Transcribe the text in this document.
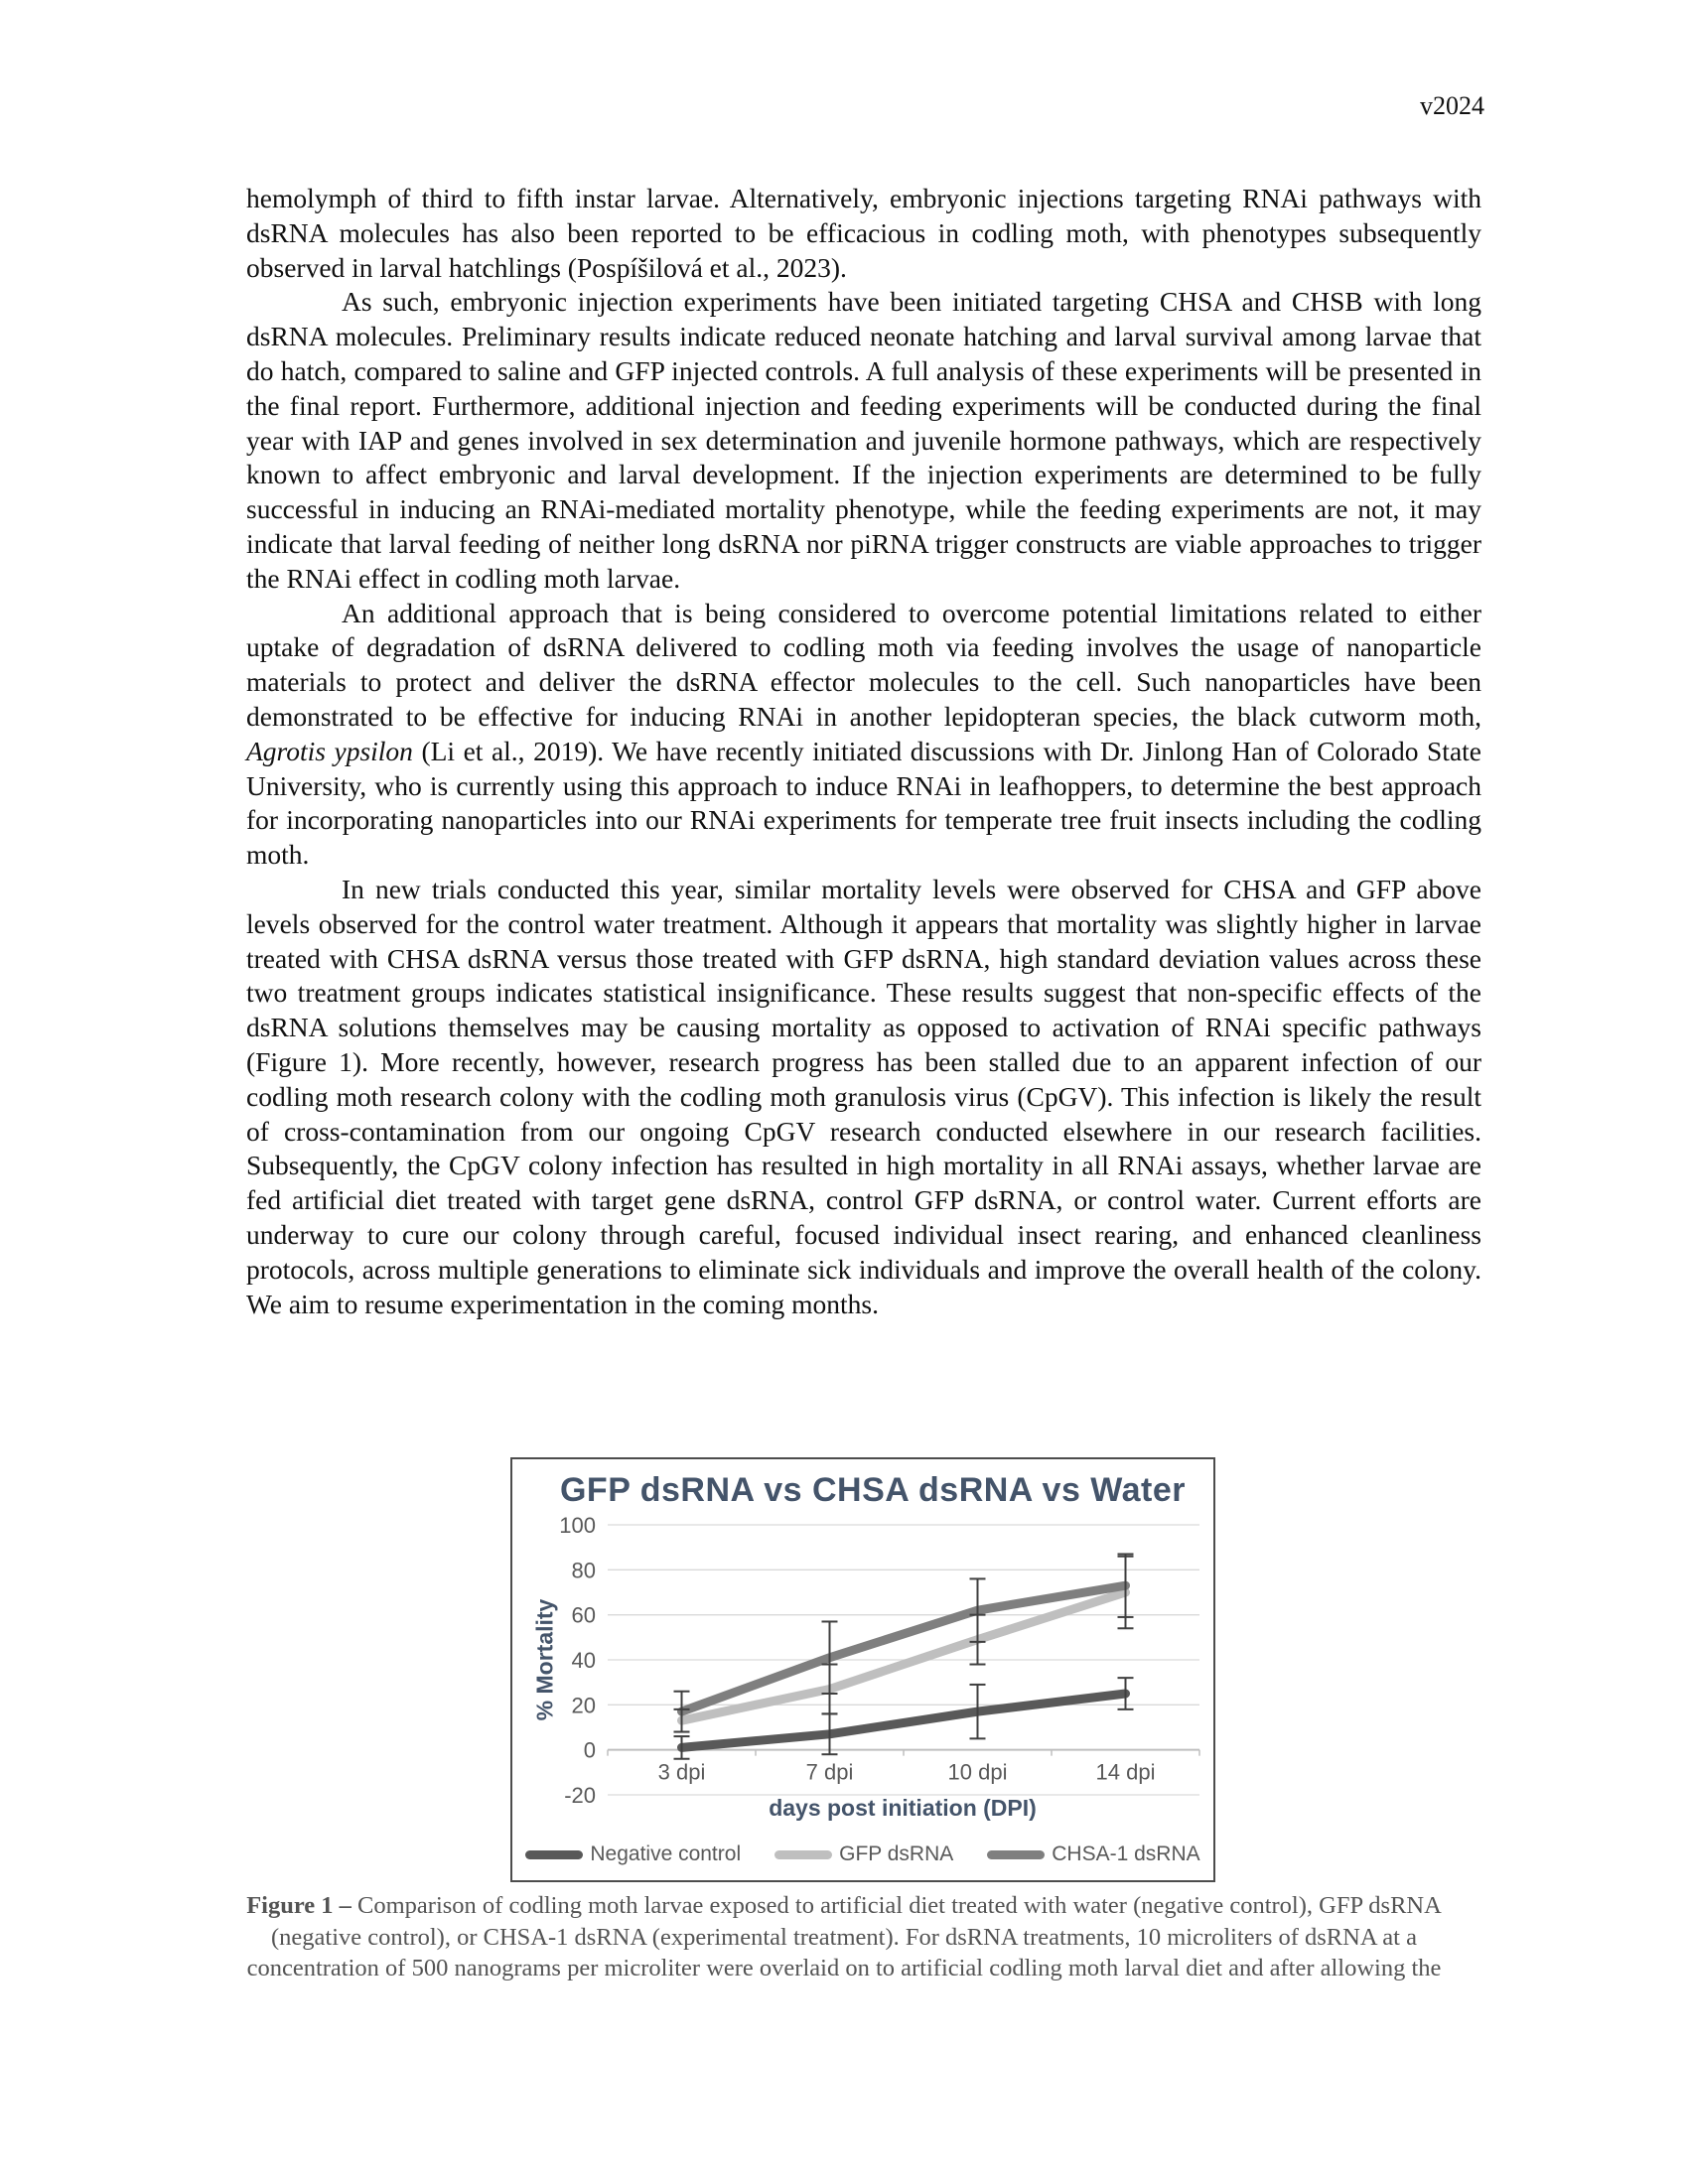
v2024

hemolymph of third to fifth instar larvae. Alternatively, embryonic injections targeting RNAi pathways with dsRNA molecules has also been reported to be efficacious in codling moth, with phenotypes subsequently observed in larval hatchlings (Pospíšilová et al., 2023).

As such, embryonic injection experiments have been initiated targeting CHSA and CHSB with long dsRNA molecules. Preliminary results indicate reduced neonate hatching and larval survival among larvae that do hatch, compared to saline and GFP injected controls. A full analysis of these experiments will be presented in the final report. Furthermore, additional injection and feeding experiments will be conducted during the final year with IAP and genes involved in sex determination and juvenile hormone pathways, which are respectively known to affect embryonic and larval development. If the injection experiments are determined to be fully successful in inducing an RNAi-mediated mortality phenotype, while the feeding experiments are not, it may indicate that larval feeding of neither long dsRNA nor piRNA trigger constructs are viable approaches to trigger the RNAi effect in codling moth larvae.

An additional approach that is being considered to overcome potential limitations related to either uptake of degradation of dsRNA delivered to codling moth via feeding involves the usage of nanoparticle materials to protect and deliver the dsRNA effector molecules to the cell. Such nanoparticles have been demonstrated to be effective for inducing RNAi in another lepidopteran species, the black cutworm moth, Agrotis ypsilon (Li et al., 2019). We have recently initiated discussions with Dr. Jinlong Han of Colorado State University, who is currently using this approach to induce RNAi in leafhoppers, to determine the best approach for incorporating nanoparticles into our RNAi experiments for temperate tree fruit insects including the codling moth.

In new trials conducted this year, similar mortality levels were observed for CHSA and GFP above levels observed for the control water treatment. Although it appears that mortality was slightly higher in larvae treated with CHSA dsRNA versus those treated with GFP dsRNA, high standard deviation values across these two treatment groups indicates statistical insignificance. These results suggest that non-specific effects of the dsRNA solutions themselves may be causing mortality as opposed to activation of RNAi specific pathways (Figure 1). More recently, however, research progress has been stalled due to an apparent infection of our codling moth research colony with the codling moth granulosis virus (CpGV). This infection is likely the result of cross-contamination from our ongoing CpGV research conducted elsewhere in our research facilities. Subsequently, the CpGV colony infection has resulted in high mortality in all RNAi assays, whether larvae are fed artificial diet treated with target gene dsRNA, control GFP dsRNA, or control water. Current efforts are underway to cure our colony through careful, focused individual insect rearing, and enhanced cleanliness protocols, across multiple generations to eliminate sick individuals and improve the overall health of the colony. We aim to resume experimentation in the coming months.

GFP dsRNA vs CHSA dsRNA vs Water
% Mortality
-20
0
20
40
60
80
100
3 dpi	7 dpi	10 dpi	14 dpi
days post initiation (DPI)
Negative control	GFP dsRNA	CHSA-1 dsRNA
Figure 1 – Comparison of codling moth larvae exposed to artificial diet treated with water (negative control), GFP dsRNA (negative control), or CHSA-1 dsRNA (experimental treatment). For dsRNA treatments, 10 microliters of dsRNA at a concentration of 500 nanograms per microliter were overlaid on to artificial codling moth larval diet and after allowing the
